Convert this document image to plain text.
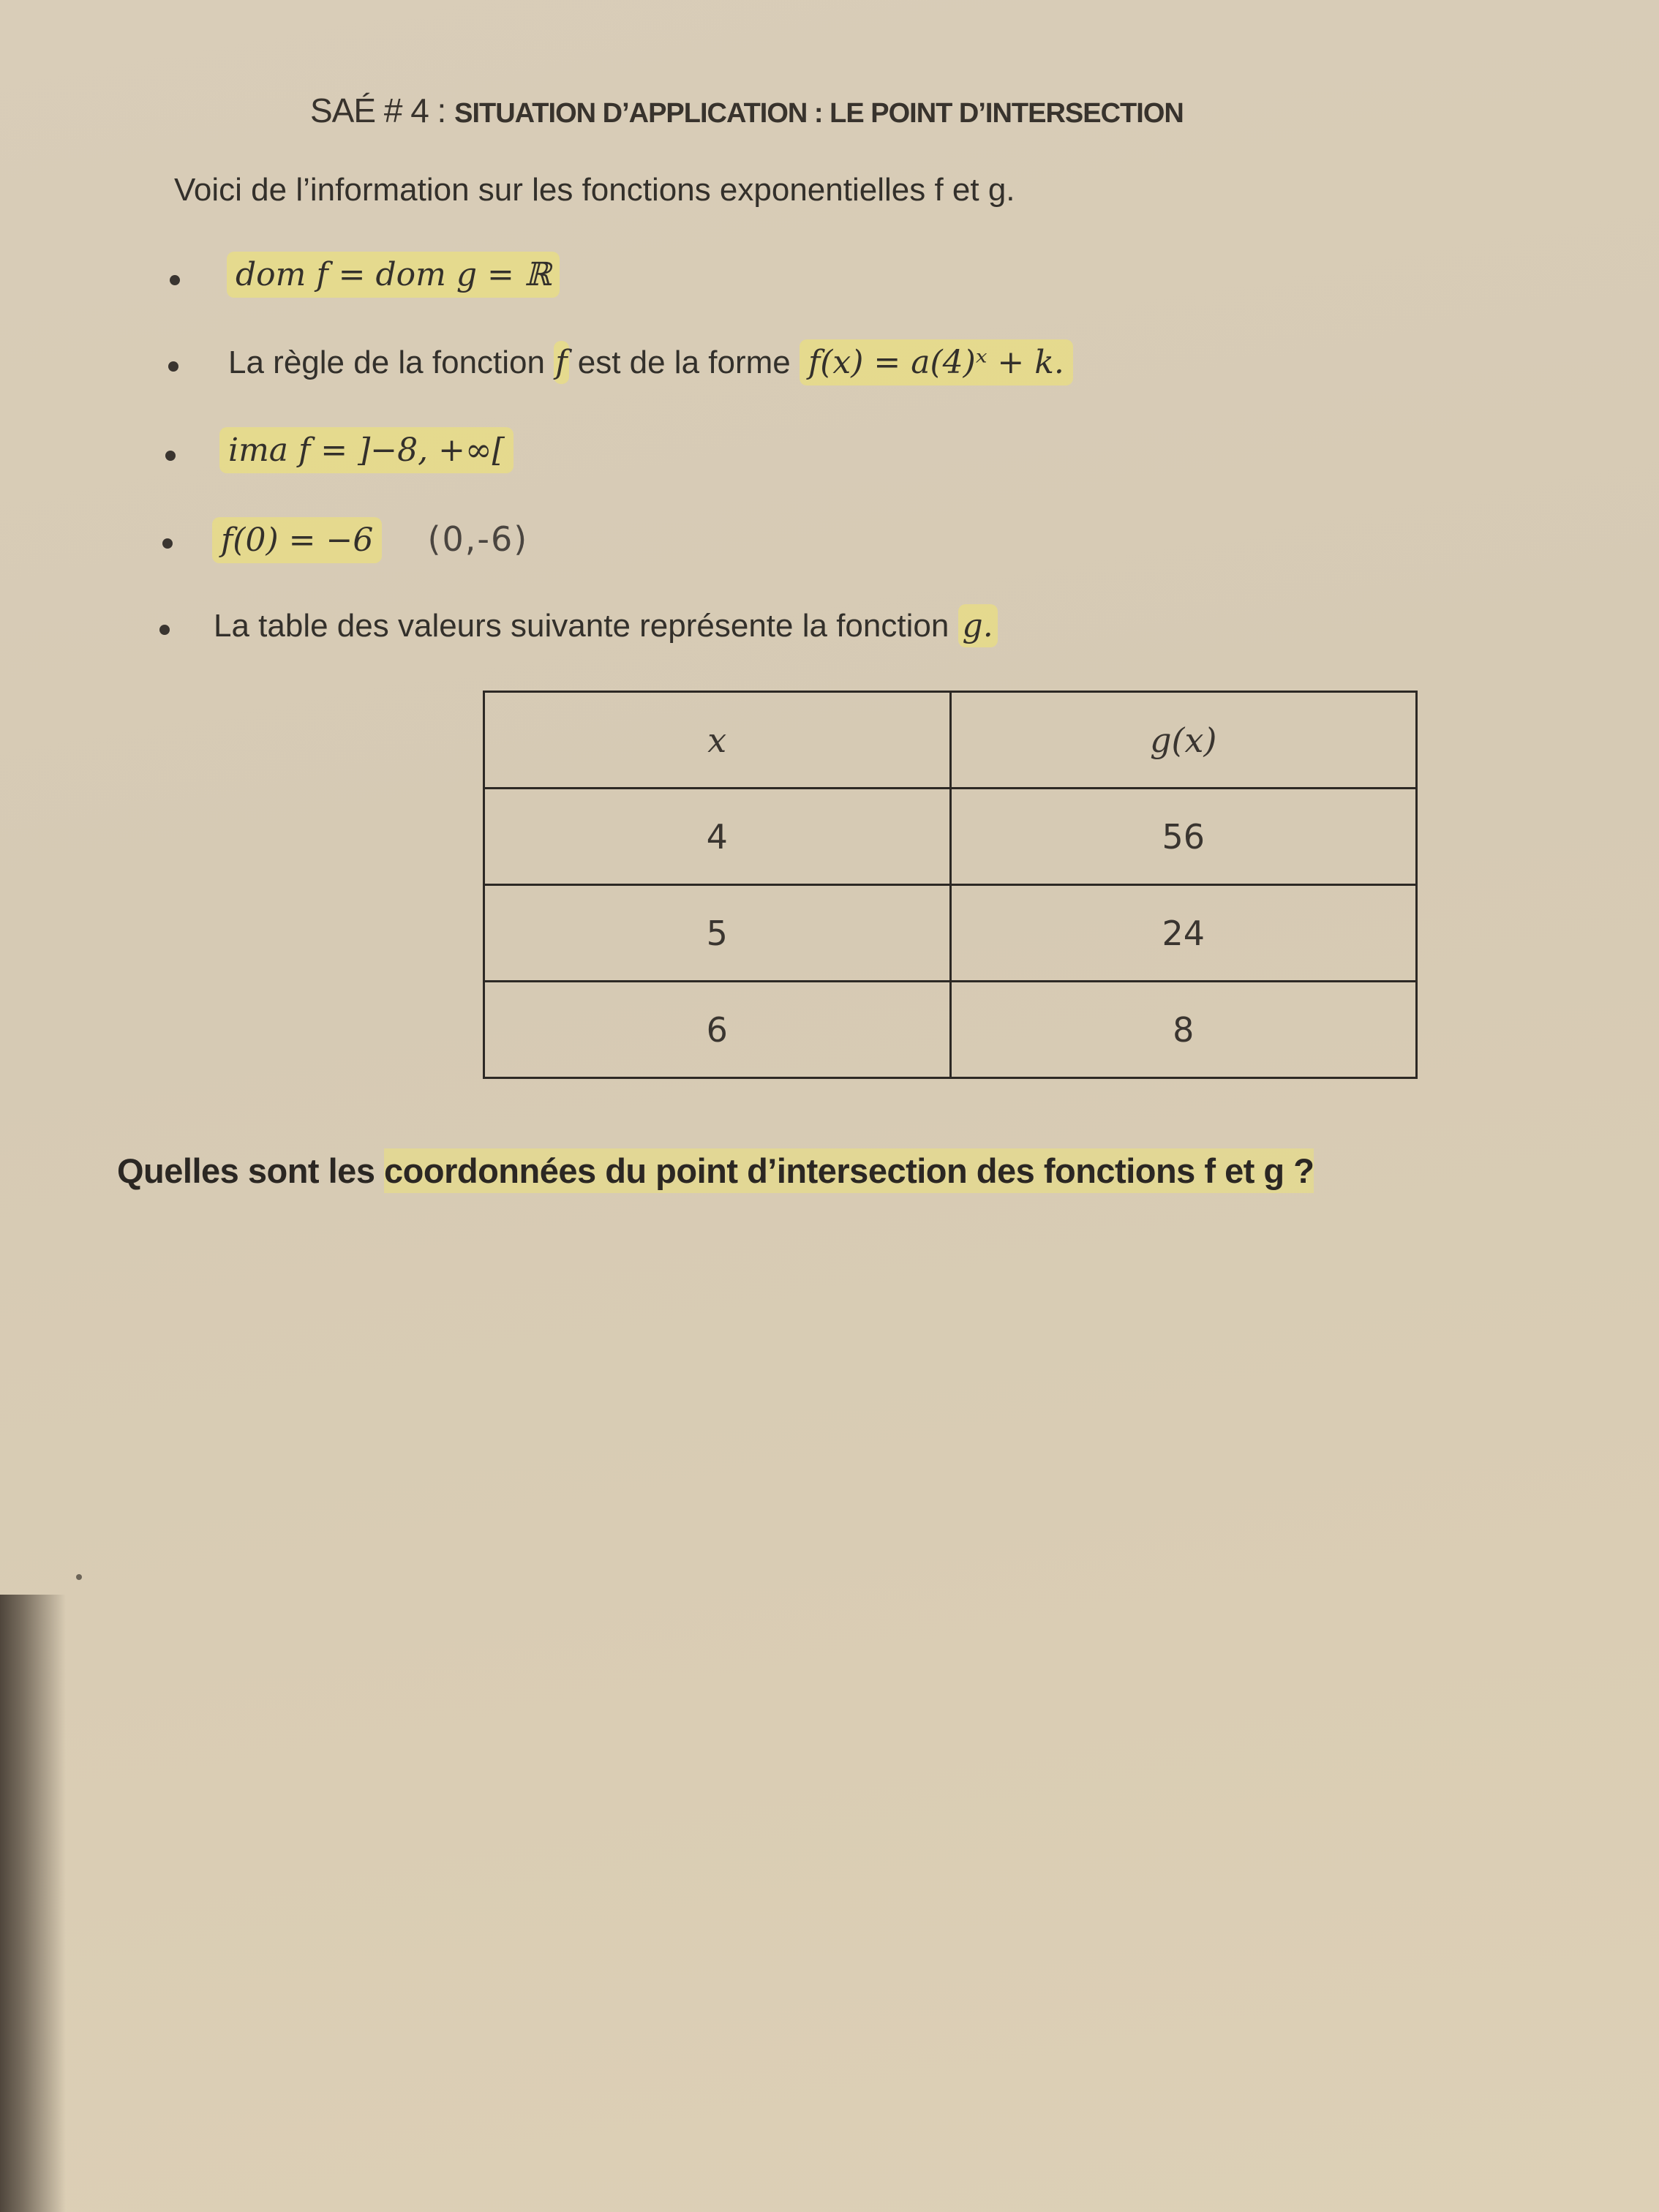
SAÉ # 4 : SITUATION D’APPLICATION : LE POINT D’INTERSECTION
Voici de l’information sur les fonctions exponentielles f et g.
dom f = dom g = ℝ
La règle de la fonction f est de la forme f(x) = a(4)ˣ + k.
ima f = ]−8, +∞[
f(0) = −6 (0,-6)
La table des valeurs suivante représente la fonction g.
x	g(x)
4	56
5	24
6	8
Quelles sont les coordonnées du point d’intersection des fonctions f et g ?
